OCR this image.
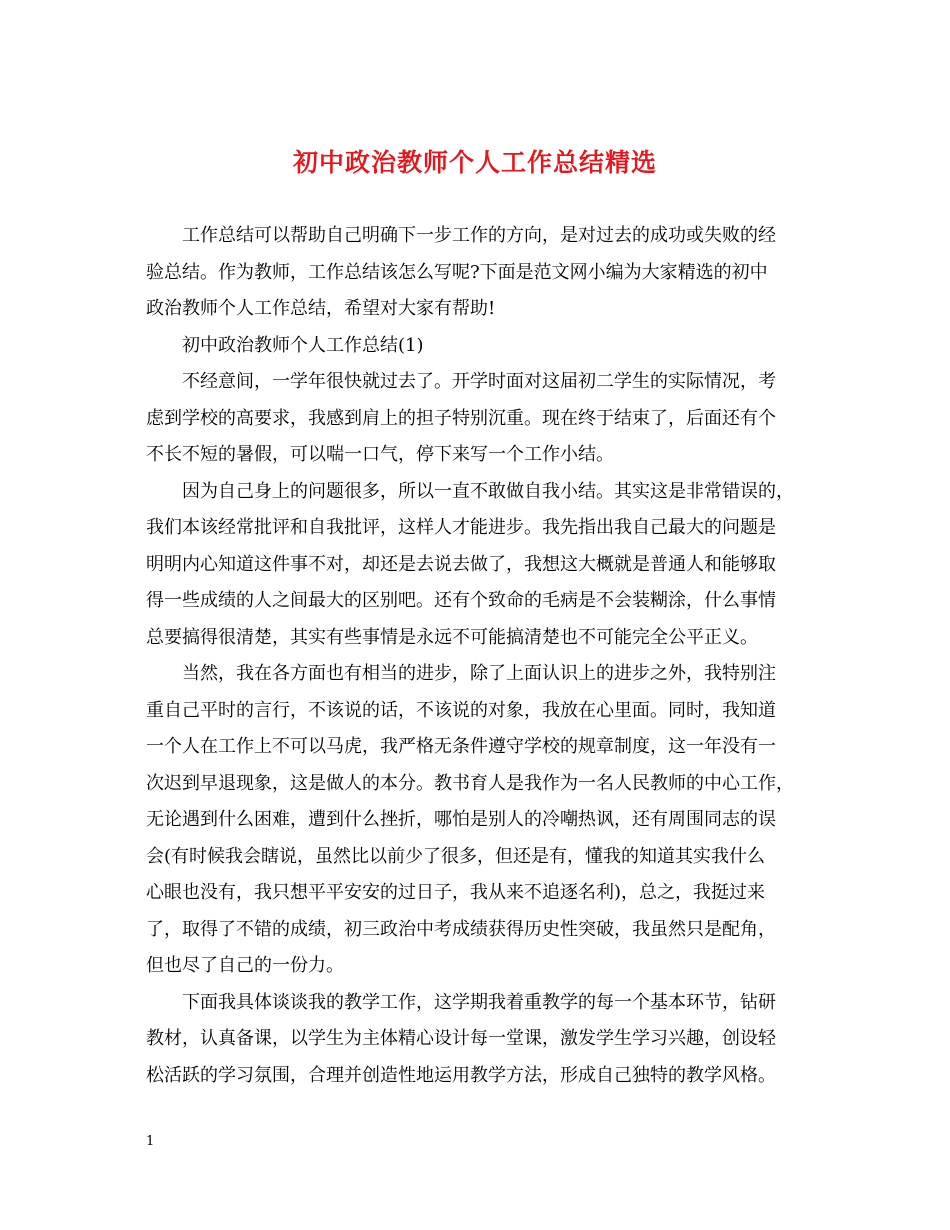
初中政治教师个人工作总结精选
工作总结可以帮助自己明确下一步工作的方向，是对过去的成功或失败的经
验总结。作为教师，工作总结该怎么写呢?下面是范文网小编为大家精选的初中
政治教师个人工作总结，希望对大家有帮助!
初中政治教师个人工作总结(1)
不经意间，一学年很快就过去了。开学时面对这届初二学生的实际情况，考
虑到学校的高要求，我感到肩上的担子特别沉重。现在终于结束了，后面还有个
不长不短的暑假，可以喘一口气，停下来写一个工作小结。
因为自己身上的问题很多，所以一直不敢做自我小结。其实这是非常错误的，
我们本该经常批评和自我批评，这样人才能进步。我先指出我自己最大的问题是
明明内心知道这件事不对，却还是去说去做了，我想这大概就是普通人和能够取
得一些成绩的人之间最大的区别吧。还有个致命的毛病是不会装糊涂，什么事情
总要搞得很清楚，其实有些事情是永远不可能搞清楚也不可能完全公平正义。
当然，我在各方面也有相当的进步，除了上面认识上的进步之外，我特别注
重自己平时的言行，不该说的话，不该说的对象，我放在心里面。同时，我知道
一个人在工作上不可以马虎，我严格无条件遵守学校的规章制度，这一年没有一
次迟到早退现象，这是做人的本分。教书育人是我作为一名人民教师的中心工作，
无论遇到什么困难，遭到什么挫折，哪怕是别人的冷嘲热讽，还有周围同志的误
会(有时候我会瞎说，虽然比以前少了很多，但还是有，懂我的知道其实我什么
心眼也没有，我只想平平安安的过日子，我从来不追逐名利)，总之，我挺过来
了，取得了不错的成绩，初三政治中考成绩获得历史性突破，我虽然只是配角，
但也尽了自己的一份力。
下面我具体谈谈我的教学工作，这学期我着重教学的每一个基本环节，钻研
教材，认真备课，以学生为主体精心设计每一堂课，激发学生学习兴趣，创设轻
松活跃的学习氛围，合理并创造性地运用教学方法，形成自己独特的教学风格。
1
